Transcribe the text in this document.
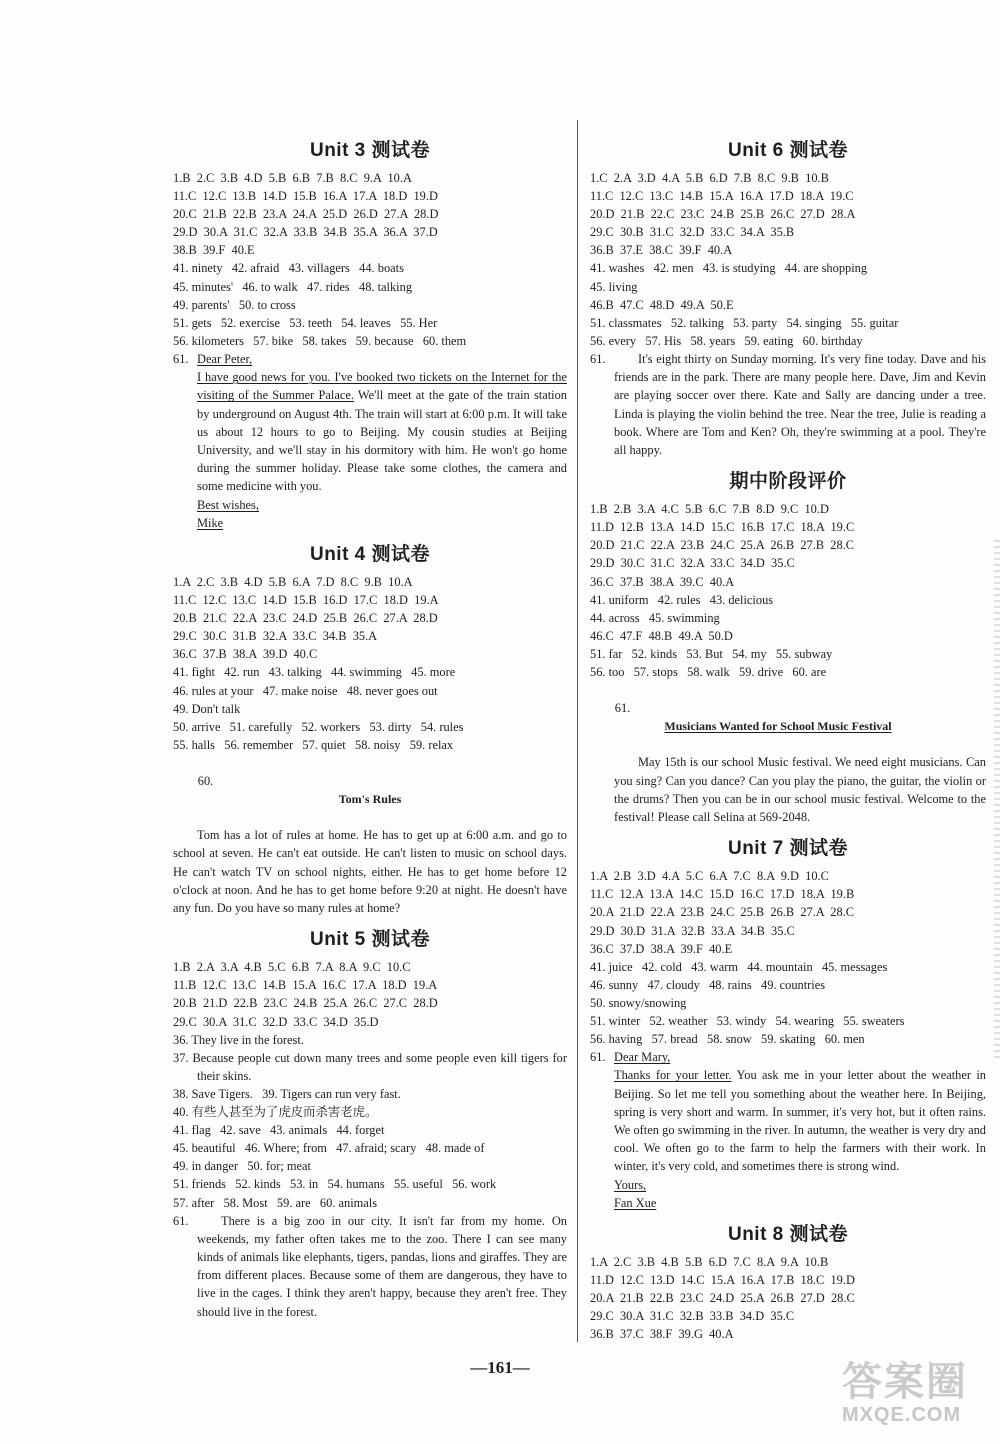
Unit 3 测试卷
1.B  2.C  3.B  4.D  5.B  6.B  7.B  8.C  9.A  10.A
11.C  12.C  13.B  14.D  15.B  16.A  17.A  18.D  19.D
20.C  21.B  22.B  23.A  24.A  25.D  26.D  27.A  28.D
29.D  30.A  31.C  32.A  33.B  34.B  35.A  36.A  37.D
38.B  39.F  40.E
41. ninety   42. afraid   43. villagers   44. boats
45. minutes'   46. to walk   47. rides   48. talking
49. parents'   50. to cross
51. gets   52. exercise   53. teeth   54. leaves   55. Her
56. kilometers   57. bike   58. takes   59. because   60. them
61. Dear Peter,
I have good news for you. I've booked two tickets on the Internet for the visiting of the Summer Palace. We'll meet at the gate of the train station by underground on August 4th. The train will start at 6:00 p.m. It will take us about 12 hours to go to Beijing. My cousin studies at Beijing University, and we'll stay in his dormitory with him. He won't go home during the summer holiday. Please take some clothes, the camera and some medicine with you.
Best wishes,
Mike
Unit 4 测试卷
1.A  2.C  3.B  4.D  5.B  6.A  7.D  8.C  9.B  10.A
11.C  12.C  13.C  14.D  15.B  16.D  17.C  18.D  19.A
20.B  21.C  22.A  23.C  24.D  25.B  26.C  27.A  28.D
29.C  30.C  31.B  32.A  33.C  34.B  35.A
36.C  37.B  38.A  39.D  40.C
41. fight   42. run   43. talking   44. swimming   45. more
46. rules at your   47. make noise   48. never goes out
49. Don't talk
50. arrive   51. carefully   52. workers   53. dirty   54. rules
55. halls   56. remember   57. quiet   58. noisy   59. relax

60.

Tom's Rules

Tom has a lot of rules at home. He has to get up at 6:00 a.m. and go to school at seven. He can't eat outside. He can't listen to music on school days. He can't watch TV on school nights, either. He has to get home before 12 o'clock at noon. And he has to get home before 9:20 at night. He doesn't have any fun. Do you have so many rules at home?
Unit 5 测试卷
1.B  2.A  3.A  4.B  5.C  6.B  7.A  8.A  9.C  10.C
11.B  12.C  13.C  14.B  15.A  16.C  17.A  18.D  19.A
20.B  21.D  22.B  23.C  24.B  25.A  26.C  27.C  28.D
29.C  30.A  31.C  32.D  33.C  34.D  35.D
36. They live in the forest.
37. Because people cut down many trees and some people even kill tigers for their skins.
38. Save Tigers.   39. Tigers can run very fast.
40. 有些人甚至为了虎皮而杀害老虎。
41. flag   42. save   43. animals   44. forget
45. beautiful   46. Where; from   47. afraid; scary   48. made of
49. in danger   50. for; meat
51. friends   52. kinds   53. in   54. humans   55. useful   56. work
57. after   58. Most   59. are   60. animals
61.	There is a big zoo in our city. It isn't far from my home. On weekends, my father often takes me to the zoo. There I can see many kinds of animals like elephants, tigers, pandas, lions and giraffes. They are from different places. Because some of them are dangerous, they have to live in the cages. I think they aren't happy, because they aren't free. They should live in the forest.
Unit 6 测试卷
1.C  2.A  3.D  4.A  5.B  6.D  7.B  8.C  9.B  10.B
11.C  12.C  13.C  14.B  15.A  16.A  17.D  18.A  19.C
20.D  21.B  22.C  23.C  24.B  25.B  26.C  27.D  28.A
29.C  30.B  31.C  32.D  33.C  34.A  35.B
36.B  37.E  38.C  39.F  40.A
41. washes   42. men   43. is studying   44. are shopping
45. living
46.B  47.C  48.D  49.A  50.E
51. classmates   52. talking   53. party   54. singing   55. guitar
56. every   57. His   58. years   59. eating   60. birthday
61.	It's eight thirty on Sunday morning. It's very fine today. Dave and his friends are in the park. There are many people here. Dave, Jim and Kevin are playing soccer over there. Kate and Sally are dancing under a tree. Linda is playing the violin behind the tree. Near the tree, Julie is reading a book. Where are Tom and Ken? Oh, they're swimming at a pool. They're all happy.
期中阶段评价
1.B  2.B  3.A  4.C  5.B  6.C  7.B  8.D  9.C  10.D
11.D  12.B  13.A  14.D  15.C  16.B  17.C  18.A  19.C
20.D  21.C  22.A  23.B  24.C  25.A  26.B  27.B  28.C
29.D  30.C  31.C  32.A  33.C  34.D  35.C
36.C  37.B  38.A  39.C  40.A
41. uniform   42. rules   43. delicious
44. across   45. swimming
46.C  47.F  48.B  49.A  50.D
51. far   52. kinds   53. But   54. my   55. subway
56. too   57. stops   58. walk   59. drive   60. are

61.

Musicians Wanted for School Music Festival

May 15th is our school Music festival. We need eight musicians. Can you sing? Can you dance? Can you play the piano, the guitar, the violin or the drums? Then you can be in our school music festival. Welcome to the festival! Please call Selina at 569-2048.
Unit 7 测试卷
1.A  2.B  3.D  4.A  5.C  6.A  7.C  8.A  9.D  10.C
11.C  12.A  13.A  14.C  15.D  16.C  17.D  18.A  19.B
20.A  21.D  22.A  23.B  24.C  25.B  26.B  27.A  28.C
29.D  30.D  31.A  32.B  33.A  34.B  35.C
36.C  37.D  38.A  39.F  40.E
41. juice   42. cold   43. warm   44. mountain   45. messages
46. sunny   47. cloudy   48. rains   49. countries
50. snowy/snowing
51. winter   52. weather   53. windy   54. wearing   55. sweaters
56. having   57. bread   58. snow   59. skating   60. men
61. Dear Mary,
Thanks for your letter. You ask me in your letter about the weather in Beijing. So let me tell you something about the weather here. In Beijing, spring is very short and warm. In summer, it's very hot, but it often rains. We often go swimming in the river. In autumn, the weather is very dry and cool. We often go to the farm to help the farmers with their work. In winter, it's very cold, and sometimes there is strong wind.
Yours,
Fan Xue
Unit 8 测试卷
1.A  2.C  3.B  4.B  5.B  6.D  7.C  8.A  9.A  10.B
11.D  12.C  13.D  14.C  15.A  16.A  17.B  18.C  19.D
20.A  21.B  22.B  23.C  24.D  25.A  26.B  27.D  28.C
29.C  30.A  31.C  32.B  33.B  34.D  35.C
36.B  37.C  38.F  39.G  40.A
—161—	答案圈
MXQE.COM
